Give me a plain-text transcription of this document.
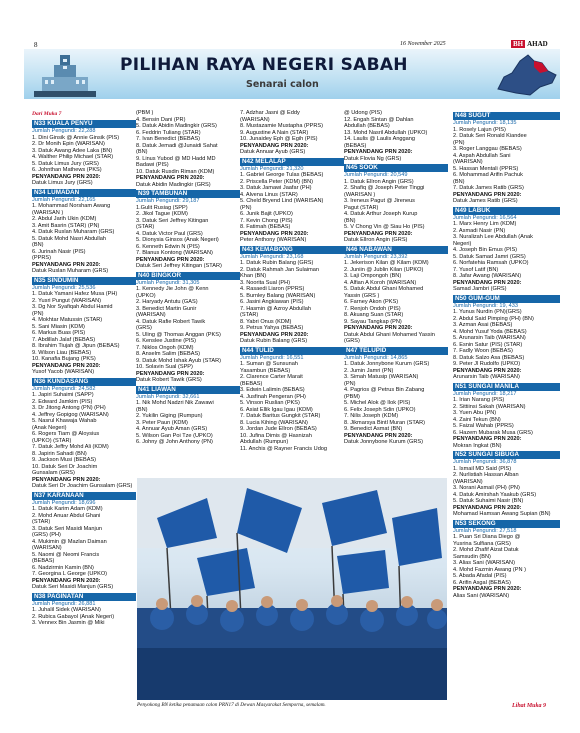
8	16 November 2025	BH AHAD
PILIHAN RAYA NEGERI SABAH
Senarai calon
Dari Muka 7
N33 KUALA PENYU
Jumlah Pengundi: 22,288
1. Dini Ginsik @ Annie Ginsik (PIS)
2. Dr Monih Epin (WARISAN)
3. Datuk Awang Adee Laka (BN)
4. Walther Philip Michael (STAR)
5. Datuk Limus Jury (GRS)
6. Johnthan Mathews (PKS)
PENYANDANG PRN 2020:
Datuk Limus Jury (GRS)
N34 LUMADAN
Jumlah Pengundi: 22,165
1. Mohammad Norsham Awang
(WARISAN )
2. Abdul Jarih Ukin (KDM)
3. Amit Basrin (STAR) (PN)
4. Datuk Ruslan Muharam (GRS)
5. Datuk Mohd Nasri Abdullah
(BN)
6. Jurinah Nasir (PIS)
(PPRS)
PENYANDANG PRN 2020:
Datuk Ruslan Muharam (GRS)
N35 SINDUMIN
Jumlah Pengundi: 25,536
1. Datuk Yamani Hafez Musa (PH)
2. Yusri Pungut (WARISAN)
3. Dg Nor Syafiqah Abdul Hamid
(PN)
4. Mokhtar Matussin (STAR)
5. Sani Miasin (KDM)
6. Markus Buas (PIS)
7. Abdillah Jalaf (BEBAS)
8. Ibrahim Tiujah @ Jipun (BEBAS)
9. Wilson Liau (BEBAS)
10. Kanafia Bujang (PKS)
PENYANDANG PRN 2020:
Yusof Yacob (WARISAN)
N36 KUNDASANG
Jumlah Pengundi: 24,582
1. Japiri Suhaimi (SAPP)
2. Edward Jamkim (PIS)
3. Dr Jitong Antong (PN) (PH)
4. Jeffrey Gopigog (WARISAN)
5. Nasrul Khawaja Wahab
(Anak Negeri)
6. Rogers Tiam @ Aloysius
(UPKO) (STAR)
7. Datuk Jeffry Mohd Ali (KDM)
8. Japirin Sahadi (BN)
9. Jackson Musi (BEBAS)
10. Datuk Seri Dr Joachim
Gunsalam (GRS)
PENYANDANG PRN 2020:
Datuk Seri Dr Joachim Gunsalam (GRS)
N37 KARANAAN
Jumlah Pengundi: 18,696
1. Datuk Karim Adam (KDM)
2. Mohd Anuar Abdul Ghani
(STAR)
3. Datuk Seri Masidi Manjun
(GRS) (PH)
4. Mukimin @ Mazlan Daiman
(WARISAN)
5. Naomi @ Neomi Francis
(BEBAS)
6. Nadzirmin Kamin (BN)
7. Georgina L George (UPKO)
PENYANDANG PRN 2020:
Datuk Seri Masidi Manjun (GRS)
N38 PAGINATAN
Jumlah Pengundi: 26,881
1. Juhalil Sidek (WARISAN)
2. Rubica Gabayol (Anak Negeri)
3. Vennex Bin Jasmin @ Miki
(PBM )
4. Bensin Dani (PR)
5. Datuk Abidin Madingkir (GRS)
6. Feddrin Tuliang (STAR)
7. Ivan Benedict (BEBAS)
8. Datuk Jemadi @Junaidi Sahat
(BN)
9. Linus Yubod @ MD Hadd MD
Badawi (PIS)
10. Datuk Rusdin Riman (KDM)
PENYANDANG PRN 2020:
Datuk Abidin Madingkir (GRS)
N39 TAMBUNAN
Jumlah Pengundi: 29,187
1.Gulit Rusiag (SPP)
2. Jikol Tague (KDM)
3. Datuk Seri Jeffrey Kitingan
(STAR)
4. Datuk Victor Paul (GRS)
5. Dionysia Ginsos (Anak Negeri)
6. Kenneth Edwin N (PIS)
7. Blanus Kontong (WARISAN)
PENYANDANG PRN 2020:
Datuk Seri Jeffrey Kitingan (STAR)
N40 BINGKOR
Jumlah Pengundi: 31,305
1. Kennedy Jie John @ Kenn
(UPKO)
2. Haryady Antutu (GAS)
3. Benedict Martin Gunir
(WARISAN)
4. Datuk Rafie Robert Tawik
(GRS)
5. Uling @ Thomas Anggan (PKS)
6. Kenslee Justine (PIS)
7. Niklos Ongoh (KDM)
8. Anselm Salim (BEBAS)
9. Datuk Mohd Ishak Ayub (STAR)
10. Solavin Sual (SPP)
PENYANDANG PRN 2020:
Datuk Robert Tawik (GRS)
N41 LIAWAN
Jumlah Pengundi: 32,661
1. Nik Mohd Nadzri Nik Zawawi
(BN)
2. Yukilin Giging (Rumpun)
3. Peter Paun (KDM)
4. Annuar Ayub Aman (GRS)
5. Wilson Gan Poi Tze (UPKO)
6. Johny @ John Anthony (PN)
7. Adzhar Jasni @ Eddy
(WARISAN)
8. Mustazamie Mustapha (PPRS)
9. Augustine A Nain (STAR)
10. Junaidey Eph @ Egih (PIS)
PENYANDANG PRN 2020:
Datuk Annuar Ayub (GRS)
N42 MELALAP
Jumlah Pengundi: 21,320
1. Gabriel George Tulas (BEBAS)
2. Priscella Peter (KDM) (BN)
3. Datuk Jamawi Jaafar (PH)
4. Alvena Linus (STAR)
5. Cheld Bryend Lind (WARISAN)
(PN)
6. Junik Bajit (UPKO)
7. Kevin Chong (PIS)
8. Fatimah (BEBAS)
PENYANDANG PRN 2020:
Peter Anthony (WARISAN)
N43 KEMABONG
Jumlah Pengundi: 23,168
1. Datuk Rubin Balang (GRS)
2. Datuk Rahmah Jan Sulaiman
Khan (BN)
3. Noorita Sual (PH)
4. Rasaedi Liaron (PPRS)
5. Burnley Balang (WARISAN)
6. Jasini Angkiawan (PIS)
7. Hasmin @ Azroy Abdullah
(STAR)
8. Yabri Onus (KDM)
9. Petrus Yahya (BEBAS)
PENYANDANG PRN 2020:
Datuk Rubin Balang (GRS)
N44 TULID
Jumlah Pengundi: 16,551
1. Suman @ Sunsunah
Yasambun (BEBAS)
2. Clarence Carter Marait
(BEBAS)
3. Edwin Lalimin (BEBAS)
4. Jusfinah Pengeran (PH)
5. Vinson Ruslian (PKS)
6. Asiat Ellik Igau Igau (KDM)
7. Datuk Baritus Gungkit (STAR)
8. Lucia Kihing (WARISAN)
9. Jordan Jude Ellron (BEBAS)
10. Jufina Dimis @ Hasnizah
Abdullah (Rumpun)
11. Anchis @ Rayner Francis Udog
@ Udong (PIS)
12. Engah Sintan @ Dahlan
Abdullah (BEBAS)
13. Mohd Nasril Abdullah (UPKO)
14. Laulis @ Laulis Anggang
(BEBAS)
PENYANDANG PRN 2020:
Datuk Flovia Ng (GRS)
N45 SOOK
Jumlah Pengundi: 20,549
1. Datuk Ellron Angin (GRS)
2. Shafiq @ Joseph Peter Tinggi
(WARISAN )
3. Ireneus Pagut @ Jireneus
Pagut (STAR)
4. Datuk Arthur Joseph Kurup
(BN)
5. V Chong Vin @ Siau Ho (PIS)
PENYANDANG PRN 2020:
Datuk Ellron Angin (GRS)
N46 NABAWAN
Jumlah Pengundi: 23,392
1. Jekerison Kilan @ Kilam (KDM)
2. Juniin @ Jublin Kilan (UPKO)
3. Laji Ompongoh (BN)
4. Alfian A Koroh (WARISAN)
5. Datuk Abdul Ghani Mohamed
Yassin (GRS )
6. Farney Akon (PKS)
7. Renjoh Ondoh (PIS)
8. Akuang Suan (STAR)
9. Sayau Tangkap (PN)
PENYANDANG PRN 2020:
Datuk Abdul Ghani Mohamed Yassin (GRS)
N47 TELUPID
Jumlah Pengundi: 14,865
1. Datuk Jonnybone Kurum (GRS)
2. Jumin Jamri (PN)
3. Simah Matusip (WARISAN)
(PN)
4. Pagrios @ Petrus Bin Zabang
(PBM)
5. Michel Alok @ Ilok (PIS)
6. Felix Joseph Sdin (UPKO)
7. Nilis Joseph (KDM)
8. Jikmarsya Bintl Muran (STAR)
9. Benedict Asmat (BN)
PENYANDANG PRN 2020:
Datuk Jonnybone Kurum (GRS)
N48 SUGUT
Jumlah Pengundi: 18,135
1. Rosely Lajun (PIS)
2. Datuk Seri Ronald Kiandee
(PN)
3. Roger Langgau (BEBAS)
4. Aspah Abdullah Sani
(WARISAN)
5. Hassan Mentali (PPRS)
6. Mohammad Arifin Pachuk
(BN)
7. Datuk James Ratib (GRS)
PENYANDANG PRN 2020:
Datuk James Ratib (GRS)
N49 LABUK
Jumlah Pengundi: 16,564
1. Marx Henry Lim (KDM)
2. Asmadi Nasir (PN)
3. Nuralizah Lee Abdullah (Anak
Negeri)
4. Joseph Bin Emus (PIS)
5. Datuk Samad Jamri (GRS)
6. Norfatehia Ramsah (UPKO)
7. Yusof Latif (BN)
8. Jafar Awang (WARISAN)
PENYANDANG PRN 2020:
Samad Jambri (GRS)
N50 GUM-GUM
Jumlah Pengundi: 19, 433
1. Yunus Nurdin (PN)(GRS)
2. Abdul Said Pimping (PH) (BN)
3. Azman Asai (BEBAS)
4. Mohd Yusuf Yoda (BEBAS)
5. Arunarsin Taib (WARISAN)
6. Esnin Satur (PIS) (STAR)
7. Fadly Woon (BEBAS)
8. Datuk Salzo Asa (BEBAS)
9. Peter Jl Rudolfo (UPKO)
PENYANDANG PRN 2020:
Arunarsin Taib (WARISAN)
N51 SUNGAI MANILA
Jumlah Pengundi: 18,217
1. Irian Narang (PIS)
2. Sittiinsi Sakah (WARISAN)
3. Yuen Abu (PN)
4. Zaini Tekun (BN)
5. Faizal Wahab (PPRS)
6. Hazem Mubarak Musa (GRS)
PENYANDANG PRN 2020:
Mokran Ingkat (BN)
N52 SUNGAI SIBUGA
Jumlah Pengundi: 36,878
1. Ismail MD Said (PIS)
2. Nurlistiah Hassan Alban
(WARISAN)
3. Norani Asmail (PH) (PN)
4. Datuk Amirshah Yaakub (GRS)
5. Datuk Suhaimi Nasir (BN)
PENYANDANG PRN 2020:
Mohamad Hamsan Awang Supian (BN)
N53 SEKONG
Jumlah Pengundi: 27,518
1. Puan Sri Diana Diego @
Yusrina Sulfiana (GRS)
2. Mohd Zhafif Aizat Datuk
Samsudin (BN)
3. Alias Sani (WARISAN)
4. Mohd Fazmin Awang (PN )
5. Abada Afadal (PIS)
6. Arifin Asgal (BEBAS)
PENYANDANG PRN 2020:
Alias Sani (WARISAN)
Penyokong BN ketika penamaan calon PRN17 di Dewan Masyarakat Semporna, semalam.	Lihat Muka 9
